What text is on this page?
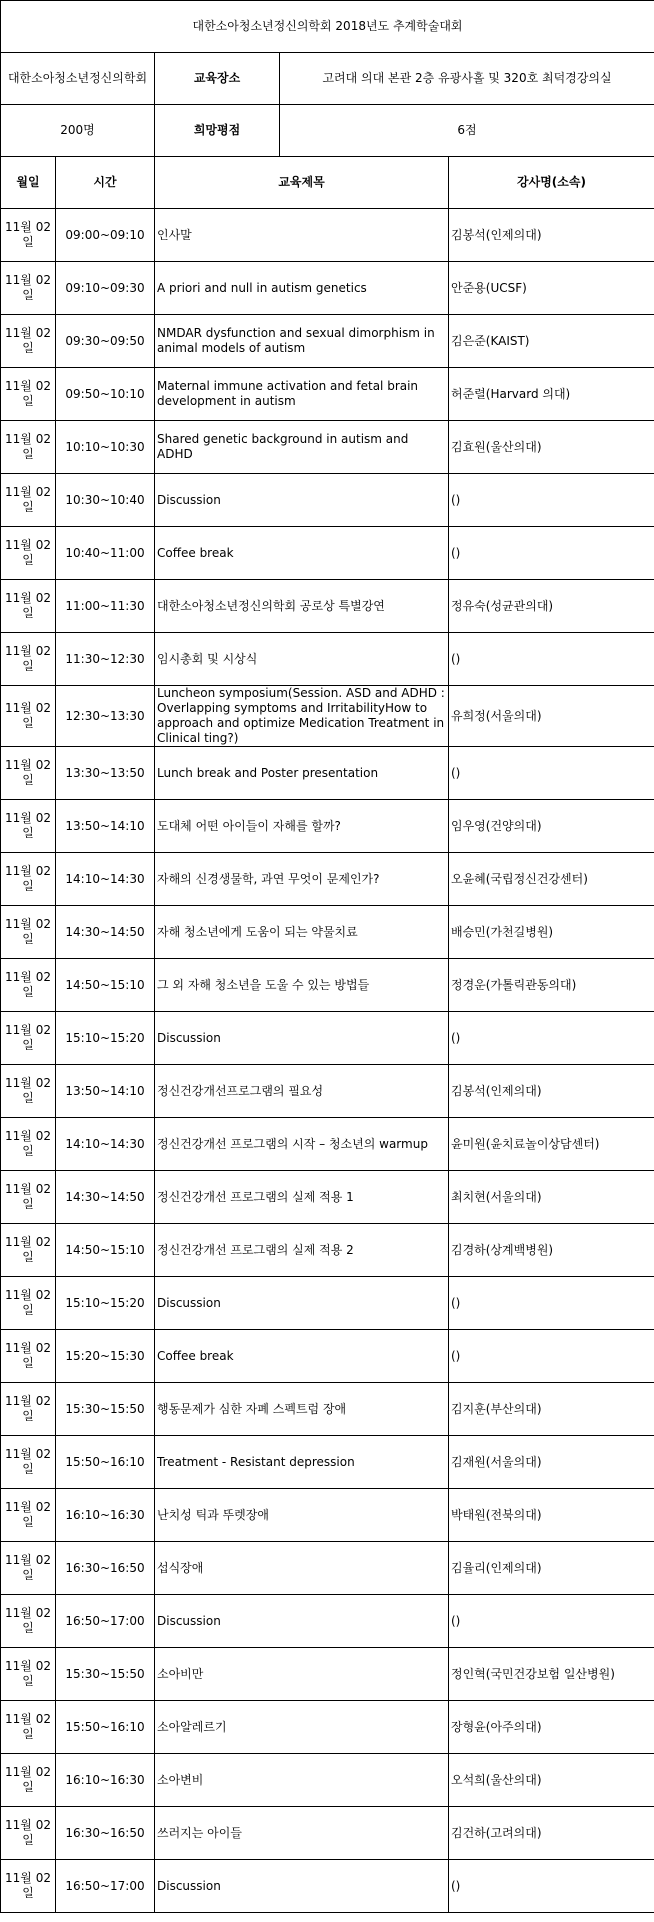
대한소아청소년정신의학회 2018년도 추계학술대회				
대한소아청소년정신의학회		교육장소	고려대 의대 본관 2층 유광사홀 및 320호 최덕경강의실	
200명		희망평점	6점	
월일	시간	교육제목		강사명(소속)
11월 02일	09:00~09:10	인사말		김봉석(인제의대)
11월 02일	09:10~09:30	A priori and null in autism genetics		안준용(UCSF)
11월 02일	09:30~09:50	NMDAR dysfunction and sexual dimorphism in animal models of autism		김은준(KAIST)
11월 02일	09:50~10:10	Maternal immune activation and fetal brain development in autism		허준렬(Harvard 의대)
11월 02일	10:10~10:30	Shared genetic background in autism and ADHD		김효원(울산의대)
11월 02일	10:30~10:40	Discussion		()
11월 02일	10:40~11:00	Coffee break		()
11월 02일	11:00~11:30	대한소아청소년정신의학회 공로상 특별강연		정유숙(성균관의대)
11월 02일	11:30~12:30	임시총회 및 시상식		()
11월 02일	12:30~13:30	Luncheon symposium(Session. ASD and ADHD : Overlapping symptoms and IrritabilityHow to approach and optimize Medication Treatment in Clinical ting?)		유희정(서울의대)
11월 02일	13:30~13:50	Lunch break and Poster presentation		()
11월 02일	13:50~14:10	도대체 어떤 아이들이 자해를 할까?		임우영(건양의대)
11월 02일	14:10~14:30	자해의 신경생물학, 과연 무엇이 문제인가?		오윤혜(국립정신건강센터)
11월 02일	14:30~14:50	자해 청소년에게 도움이 되는 약물치료		배승민(가천길병원)
11월 02일	14:50~15:10	그 외 자해 청소년을 도울 수 있는 방법들		정경운(가톨릭관동의대)
11월 02일	15:10~15:20	Discussion		()
11월 02일	13:50~14:10	정신건강개선프로그램의 필요성		김봉석(인제의대)
11월 02일	14:10~14:30	정신건강개선 프로그램의 시작 – 청소년의 warmup		윤미원(윤치료놀이상담센터)
11월 02일	14:30~14:50	정신건강개선 프로그램의 실제 적용 1		최치현(서울의대)
11월 02일	14:50~15:10	정신건강개선 프로그램의 실제 적용 2		김경하(상계백병원)
11월 02일	15:10~15:20	Discussion		()
11월 02일	15:20~15:30	Coffee break		()
11월 02일	15:30~15:50	행동문제가 심한 자폐 스펙트럼 장애		김지훈(부산의대)
11월 02일	15:50~16:10	Treatment - Resistant depression		김재원(서울의대)
11월 02일	16:10~16:30	난치성 틱과 뚜렛장애		박태원(전북의대)
11월 02일	16:30~16:50	섭식장애		김율리(인제의대)
11월 02일	16:50~17:00	Discussion		()
11월 02일	15:30~15:50	소아비만		정인혁(국민건강보험 일산병원)
11월 02일	15:50~16:10	소아알레르기		장형윤(아주의대)
11월 02일	16:10~16:30	소아변비		오석희(울산의대)
11월 02일	16:30~16:50	쓰러지는 아이들		김건하(고려의대)
11월 02일	16:50~17:00	Discussion		()
